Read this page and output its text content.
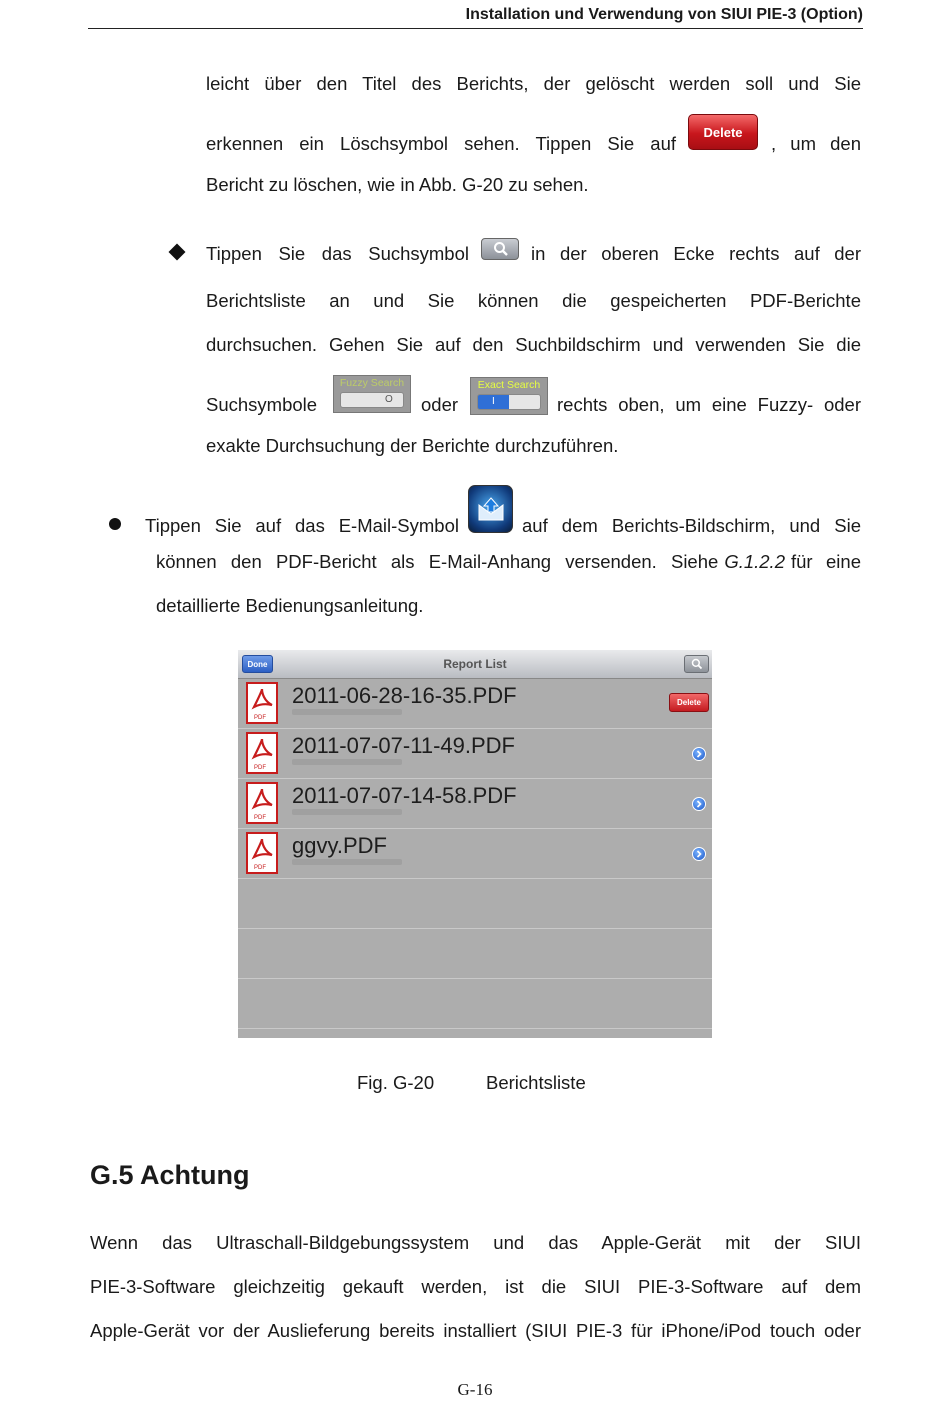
Installation und Verwendung von SIUI PIE-3 (Option)
leicht über den Titel des Berichts, der gelöscht werden soll und Sie
erkennen ein Löschsymbol sehen. Tippen Sie auf
Delete
, um den
Bericht zu löschen, wie in Abb. G-20 zu sehen.
Tippen Sie das Suchsymbol	in der oberen Ecke rechts auf der
Berichtsliste an und Sie können die gespeicherten PDF-Berichte
durchsuchen. Gehen Sie auf den Suchbildschirm und verwenden Sie die
Suchsymbole
Fuzzy Search
O oder
Exact Search
I	rechts oben, um eine Fuzzy- oder
exakte Durchsuchung der Berichte durchzuführen.
Tippen Sie auf das E-Mail-Symbol	auf dem Berichts-Bildschirm, und Sie
können den PDF-Bericht als E-Mail-Anhang versenden. Siehe G.1.2.2 für eine
detaillierte Bedienungsanleitung.
Report List
Done
PDF
2011-06-28-16-35.PDF	Delete
PDF
2011-07-07-11-49.PDF
PDF
2011-07-07-14-58.PDF
PDF
ggvy.PDF
Fig. G-20	Berichtsliste
G.5 Achtung
Wenn das Ultraschall-Bildgebungssystem und das Apple-Gerät mit der SIUI
PIE-3-Software gleichzeitig gekauft werden, ist die SIUI PIE-3-Software auf dem
Apple-Gerät vor der Auslieferung bereits installiert (SIUI PIE-3 für iPhone/iPod touch oder
G-16
